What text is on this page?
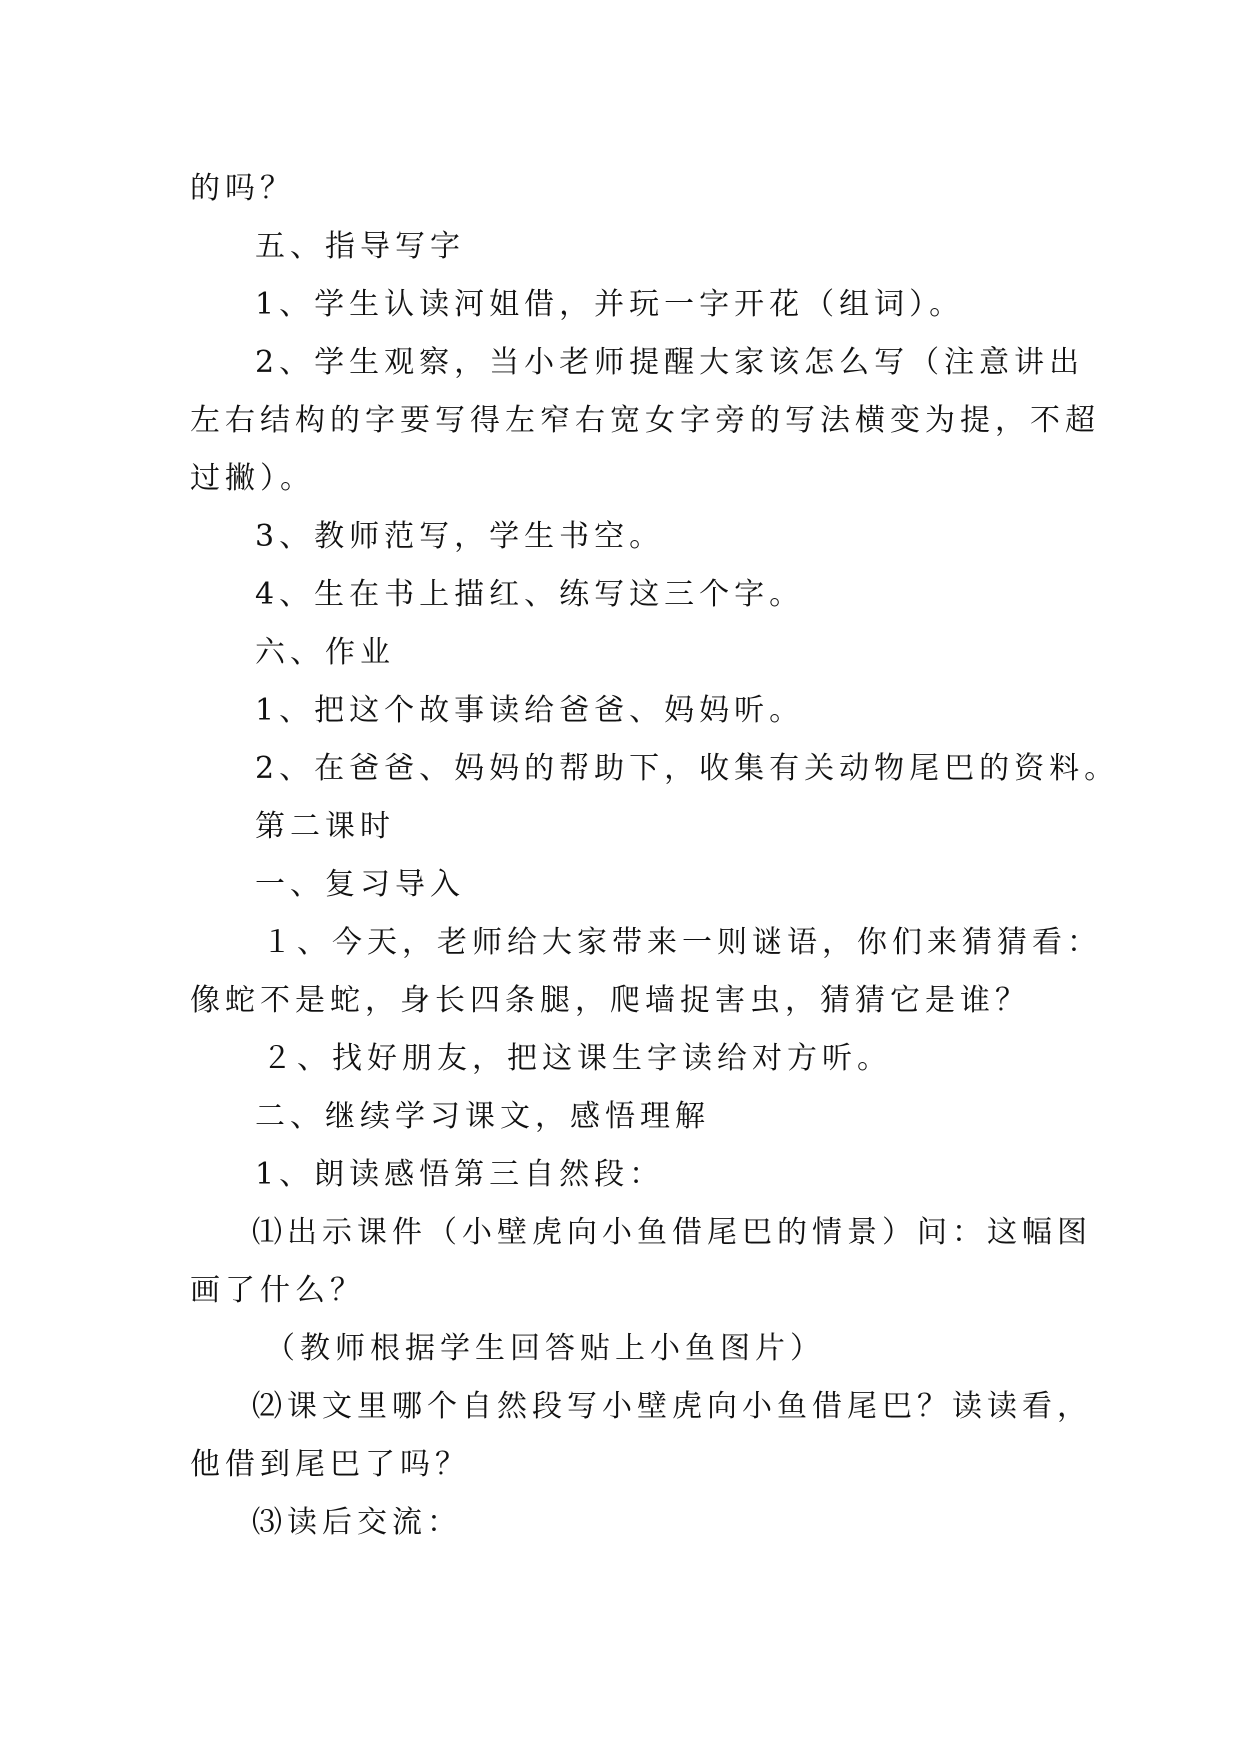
的吗？

五、指导写字

1、学生认读河姐借，并玩一字开花（组词）。

2、学生观察，当小老师提醒大家该怎么写（注意讲出

左右结构的字要写得左窄右宽女字旁的写法横变为提，不超

过撇）。

3、教师范写，学生书空。

4、生在书上描红、练写这三个字。

六、作业

1、把这个故事读给爸爸、妈妈听。

2、在爸爸、妈妈的帮助下，收集有关动物尾巴的资料。

第二课时

一、复习导入

１、今天，老师给大家带来一则谜语，你们来猜猜看：

像蛇不是蛇，身长四条腿，爬墙捉害虫，猜猜它是谁？

２、找好朋友，把这课生字读给对方听。

二、继续学习课文，感悟理解

1、朗读感悟第三自然段：

⑴出示课件（小壁虎向小鱼借尾巴的情景）问：这幅图

画了什么？

（教师根据学生回答贴上小鱼图片）

⑵课文里哪个自然段写小壁虎向小鱼借尾巴？读读看，

他借到尾巴了吗？

⑶读后交流：
